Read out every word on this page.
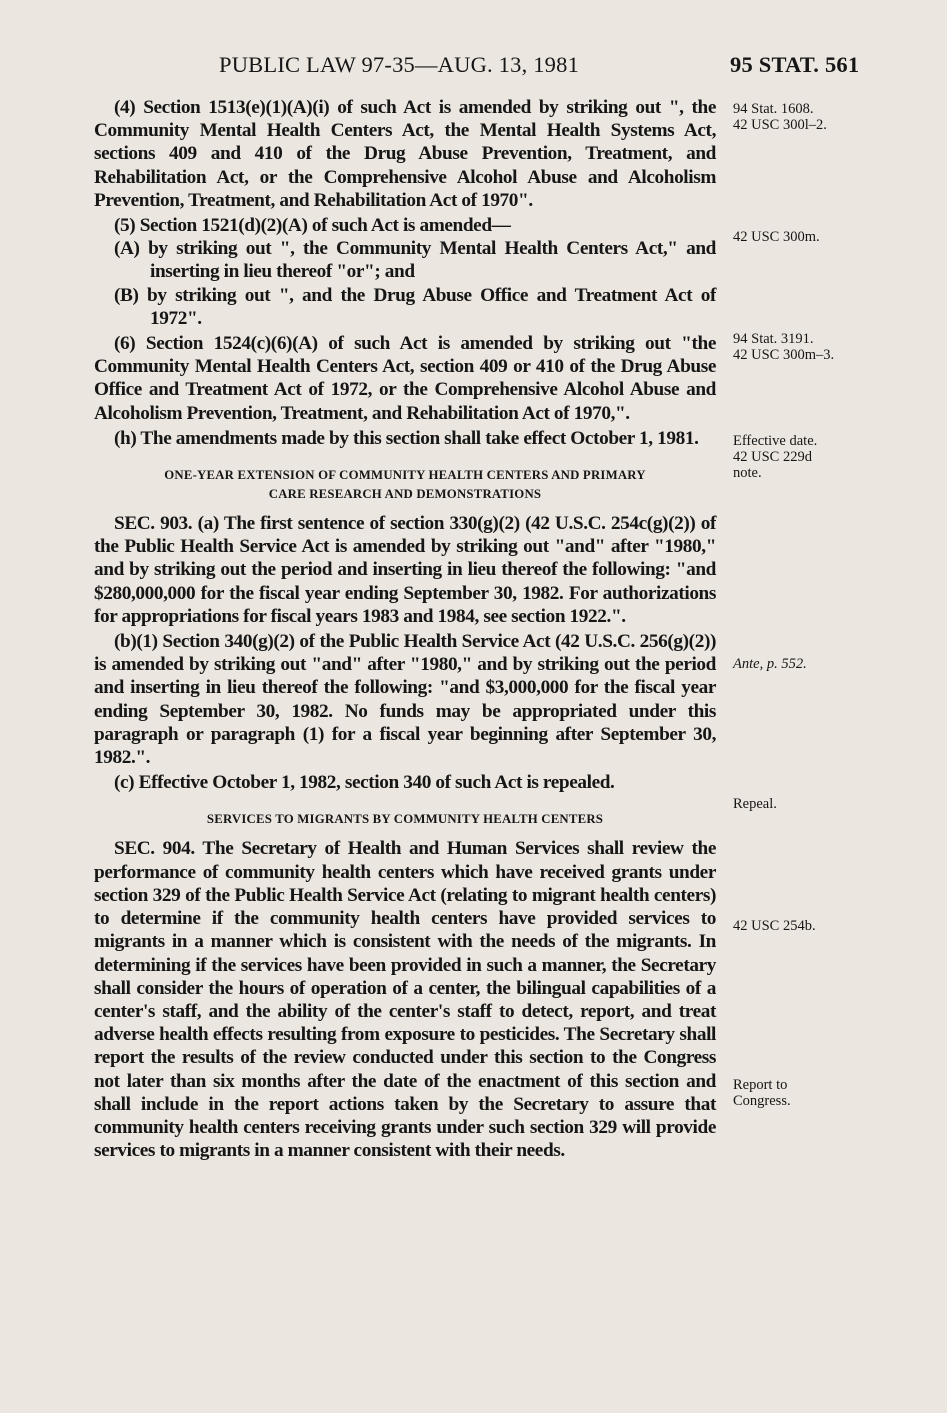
PUBLIC LAW 97-35—AUG. 13, 1981	95 STAT. 561

(4) Section 1513(e)(1)(A)(i) of such Act is amended by striking out ", the Community Mental Health Centers Act, the Mental Health Systems Act, sections 409 and 410 of the Drug Abuse Prevention, Treatment, and Rehabilitation Act, or the Comprehensive Alcohol Abuse and Alcoholism Prevention, Treatment, and Rehabilitation Act of 1970".

(5) Section 1521(d)(2)(A) of such Act is amended—

(A) by striking out ", the Community Mental Health Centers Act," and inserting in lieu thereof "or"; and

(B) by striking out ", and the Drug Abuse Office and Treatment Act of 1972".

(6) Section 1524(c)(6)(A) of such Act is amended by striking out "the Community Mental Health Centers Act, section 409 or 410 of the Drug Abuse Office and Treatment Act of 1972, or the Comprehensive Alcohol Abuse and Alcoholism Prevention, Treatment, and Rehabilitation Act of 1970,".

(h) The amendments made by this section shall take effect October 1, 1981.

ONE-YEAR EXTENSION OF COMMUNITY HEALTH CENTERS AND PRIMARY
CARE RESEARCH AND DEMONSTRATIONS

SEC. 903. (a) The first sentence of section 330(g)(2) (42 U.S.C. 254c(g)(2)) of the Public Health Service Act is amended by striking out "and" after "1980," and by striking out the period and inserting in lieu thereof the following: "and $280,000,000 for the fiscal year ending September 30, 1982. For authorizations for appropriations for fiscal years 1983 and 1984, see section 1922.".

(b)(1) Section 340(g)(2) of the Public Health Service Act (42 U.S.C. 256(g)(2)) is amended by striking out "and" after "1980," and by striking out the period and inserting in lieu thereof the following: "and $3,000,000 for the fiscal year ending September 30, 1982. No funds may be appropriated under this paragraph or paragraph (1) for a fiscal year beginning after September 30, 1982.".

(c) Effective October 1, 1982, section 340 of such Act is repealed.

SERVICES TO MIGRANTS BY COMMUNITY HEALTH CENTERS

SEC. 904. The Secretary of Health and Human Services shall review the performance of community health centers which have received grants under section 329 of the Public Health Service Act (relating to migrant health centers) to determine if the community health centers have provided services to migrants in a manner which is consistent with the needs of the migrants. In determining if the services have been provided in such a manner, the Secretary shall consider the hours of operation of a center, the bilingual capabilities of a center's staff, and the ability of the center's staff to detect, report, and treat adverse health effects resulting from exposure to pesticides. The Secretary shall report the results of the review conducted under this section to the Congress not later than six months after the date of the enactment of this section and shall include in the report actions taken by the Secretary to assure that community health centers receiving grants under such section 329 will provide services to migrants in a manner consistent with their needs.

94 Stat. 1608.
42 USC 300l–2.
42 USC 300m.
94 Stat. 3191.
42 USC 300m–3.
Effective date.
42 USC 229d
note.
Ante, p. 552.
Repeal.
42 USC 254b.
Report to
Congress.
